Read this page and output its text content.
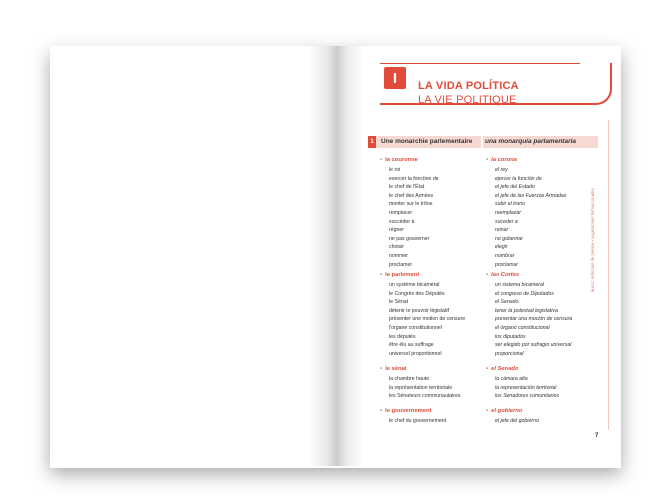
I	LA VIDA POLÍTICA
LA VIE POLITIQUE
1	Une monarchie parlementaire una monarquía parlamentaria
● la couronne
le roi
exercer la fonction de
le chef de l'État
le chef des Armées
monter sur le trône
remplacer
succéder à
régner
ne pas gouverner
choisir
nommer
proclamer
● le parlement
un système bicaméral
le Congrès des Députés
le Sénat
détenir le pouvoir législatif
présenter une motion de censure
l'organe constitutionnel
les députés
être élu au suffrage
universel proportionnel
● le sénat
la chambre haute
la représentation territoriale
les Sénateurs communautaires
● le gouvernement
le chef du gouvernement
● la corona
el rey
ejercer la función de
el jefe del Estado
el jefe de las Fuerzas Armadas
subir al trono
reemplazar
suceder a
reinar
no gobernar
elegir
nombrar
proclamar
● las Cortes
un sistema bicameral
el congreso de Diputados
el Senado
tener la potestad legislativa
presentar una moción de censura
el órgano constitucional
los diputados
ser elegido por sufragio universal
proporcional
● el Senado
la cámara alta
la representación territorial
los Senadores comunitarios
● el gobierno
el jefe del gobierno
lexico: reformas de prensa • sugestiones formas prueba
7
